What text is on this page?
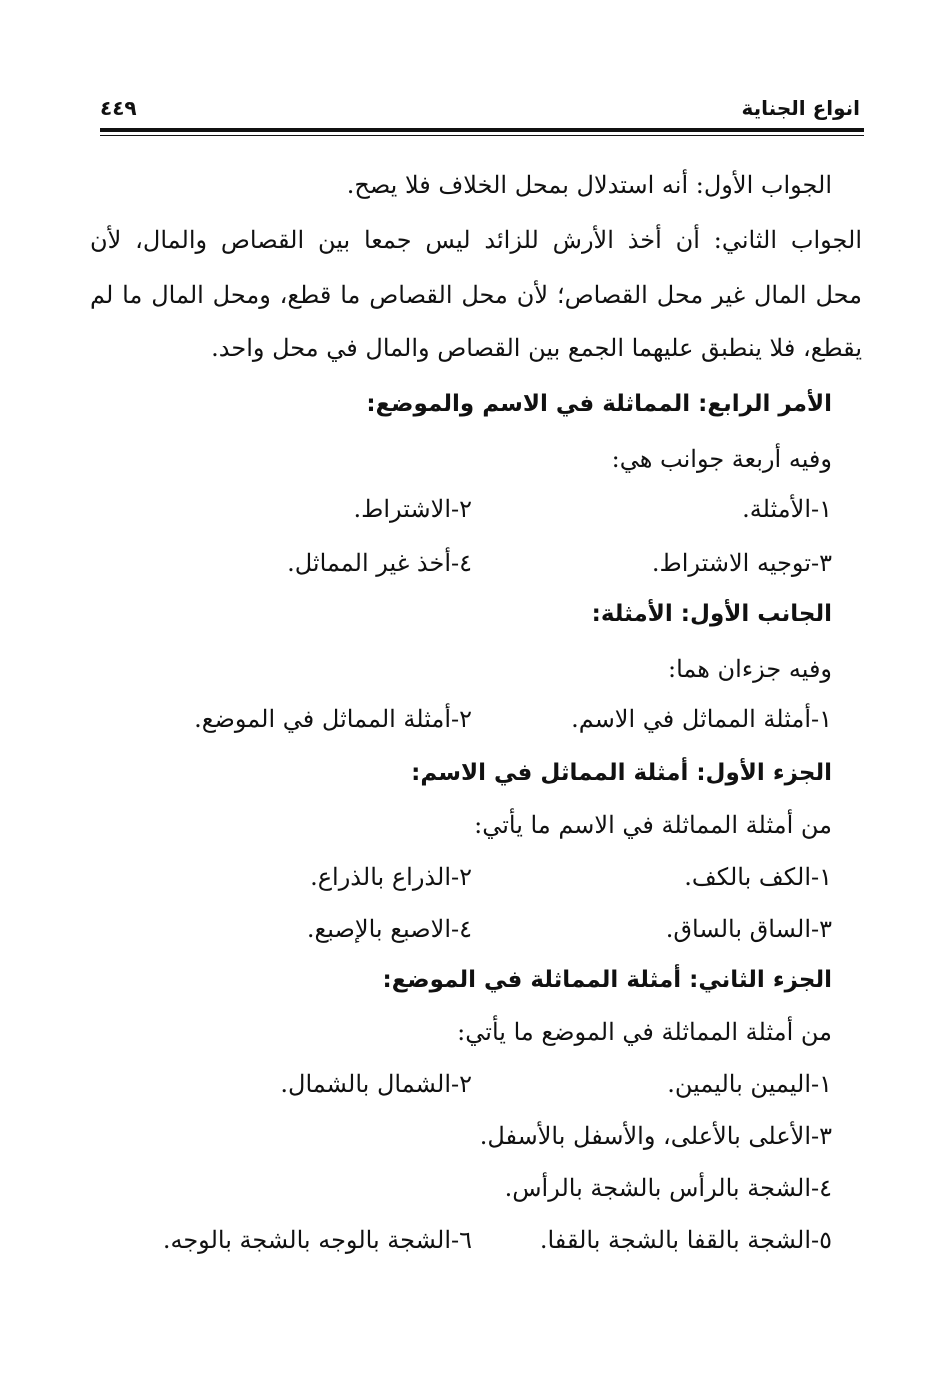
انواع الجناية
٤٤٩
الجواب الأول: أنه استدلال بمحل الخلاف فلا يصح.
الجواب الثاني: أن أخذ الأرش للزائد ليس جمعا بين القصاص والمال، لأن
محل المال غير محل القصاص؛ لأن محل القصاص ما قطع، ومحل المال ما لم
يقطع، فلا ينطبق عليهما الجمع بين القصاص والمال في محل واحد.
الأمر الرابع: المماثلة في الاسم والموضع:
وفيه أربعة جوانب هي:
١-الأمثلة.
٢-الاشتراط.
٣-توجيه الاشتراط.
٤-أخذ غير المماثل.
الجانب الأول: الأمثلة:
وفيه جزءان هما:
١-أمثلة المماثل في الاسم.
٢-أمثلة المماثل في الموضع.
الجزء الأول: أمثلة المماثل في الاسم:
من أمثلة المماثلة في الاسم ما يأتي:
١-الكف بالكف.
٢-الذراع بالذراع.
٣-الساق بالساق.
٤-الاصبع بالإصبع.
الجزء الثاني: أمثلة المماثلة في الموضع:
من أمثلة المماثلة في الموضع ما يأتي:
١-اليمين باليمين.
٢-الشمال بالشمال.
٣-الأعلى بالأعلى، والأسفل بالأسفل.
٤-الشجة بالرأس بالشجة بالرأس.
٥-الشجة بالقفا بالشجة بالقفا.
٦-الشجة بالوجه بالشجة بالوجه.
